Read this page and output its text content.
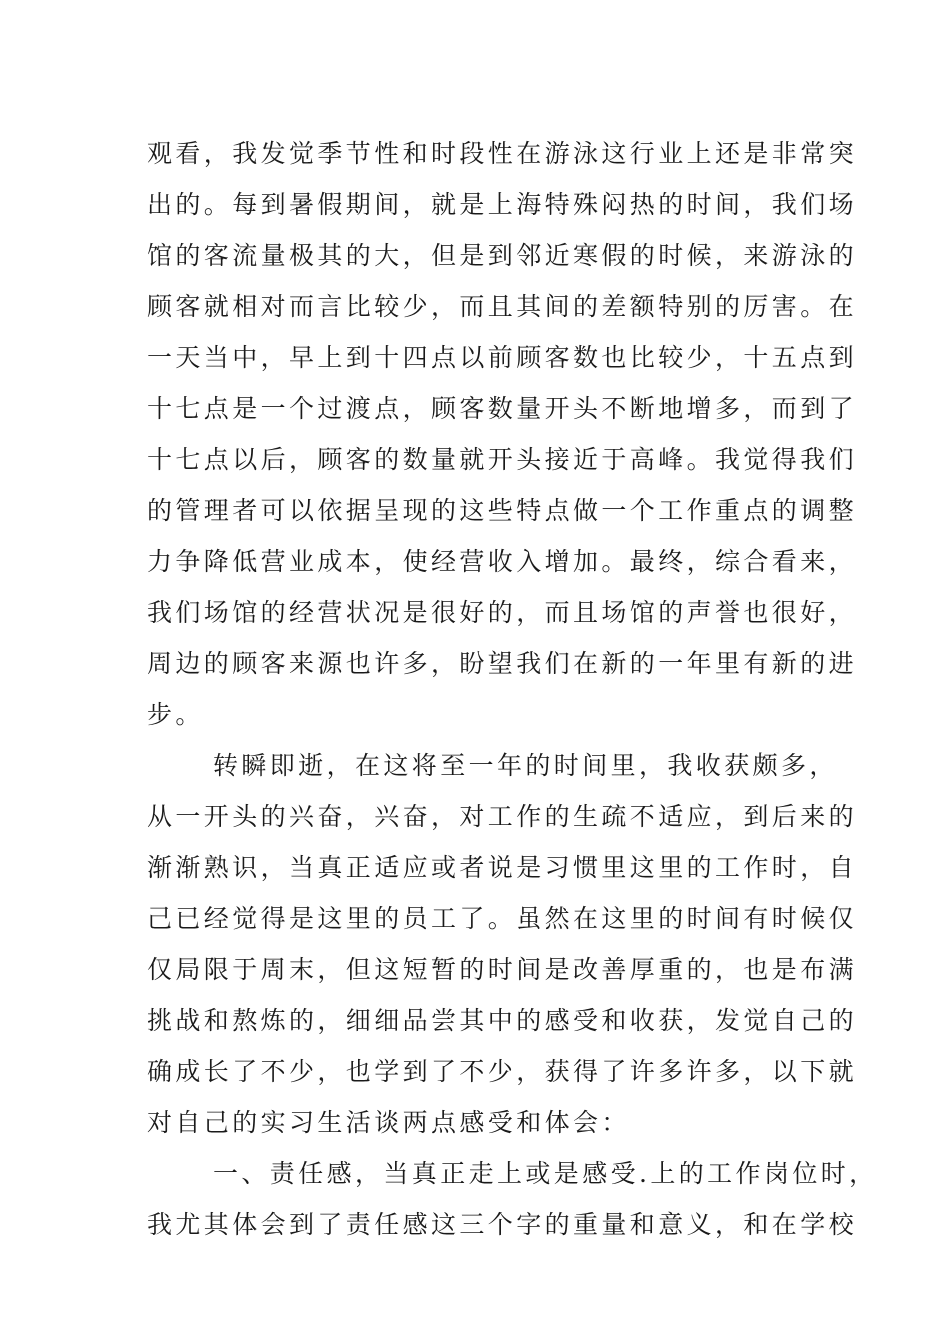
观看，我发觉季节性和时段性在游泳这行业上还是非常突
出的。每到暑假期间，就是上海特殊闷热的时间，我们场
馆的客流量极其的大，但是到邻近寒假的时候，来游泳的
顾客就相对而言比较少，而且其间的差额特别的厉害。在
一天当中，早上到十四点以前顾客数也比较少，十五点到
十七点是一个过渡点，顾客数量开头不断地增多，而到了
十七点以后，顾客的数量就开头接近于高峰。我觉得我们
的管理者可以依据呈现的这些特点做一个工作重点的调整
力争降低营业成本，使经营收入增加。最终，综合看来，
我们场馆的经营状况是很好的，而且场馆的声誉也很好，
周边的顾客来源也许多，盼望我们在新的一年里有新的进
步。
转瞬即逝，在这将至一年的时间里，我收获颇多，
从一开头的兴奋，兴奋，对工作的生疏不适应，到后来的
渐渐熟识，当真正适应或者说是习惯里这里的工作时，自
己已经觉得是这里的员工了。虽然在这里的时间有时候仅
仅局限于周末，但这短暂的时间是改善厚重的，也是布满
挑战和熬炼的，细细品尝其中的感受和收获，发觉自己的
确成长了不少，也学到了不少，获得了许多许多，以下就
对自己的实习生活谈两点感受和体会：
一、责任感，当真正走上或是感受.上的工作岗位时，
我尤其体会到了责任感这三个字的重量和意义，和在学校
